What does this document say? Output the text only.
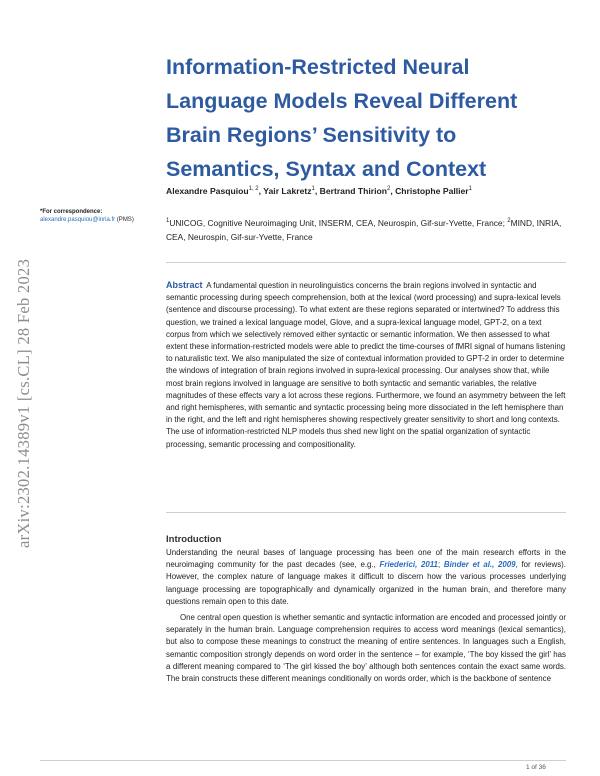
arXiv:2302.14389v1 [cs.CL] 28 Feb 2023
*For correspondence:
alexandre.pasquiou@inria.fr (PMS)
Information-Restricted Neural Language Models Reveal Different Brain Regions’ Sensitivity to Semantics, Syntax and Context
Alexandre Pasquiou$^{1, 2}$, Yair Lakretz$^1$, Bertrand Thirion$^2$, Christophe Pallier$^1$
$^1$UNICOG, Cognitive Neuroimaging Unit, INSERM, CEA, Neurospin, Gif-sur-Yvette, France; $^2$MIND, INRIA, CEA, Neurospin, Gif-sur-Yvette, France

Abstract A fundamental question in neurolinguistics concerns the brain regions involved in syntactic and semantic processing during speech comprehension, both at the lexical (word processing) and supra-lexical levels (sentence and discourse processing). To what extent are these regions separated or intertwined? To address this question, we trained a lexical language model, Glove, and a supra-lexical language model, GPT-2, on a text corpus from which we selectively removed either syntactic or semantic information. We then assessed to what extent these information-restricted models were able to predict the time-courses of fMRI signal of humans listening to naturalistic text. We also manipulated the size of contextual information provided to GPT-2 in order to determine the windows of integration of brain regions involved in supra-lexical processing. Our analyses show that, while most brain regions involved in language are sensitive to both syntactic and semantic variables, the relative magnitudes of these effects vary a lot across these regions. Furthermore, we found an asymmetry between the left and right hemispheres, with semantic and syntactic processing being more dissociated in the left hemisphere than in the right, and the left and right hemispheres showing respectively greater sensitivity to short and long contexts. The use of information-restricted NLP models thus shed new light on the spatial organization of syntactic processing, semantic processing and compositionality.

Introduction

Understanding the neural bases of language processing has been one of the main research efforts in the neuroimaging community for the past decades (see, e.g., Friederici, 2011; Binder et al., 2009, for reviews). However, the complex nature of language makes it difficult to discern how the various processes underlying language processing are topographically and dynamically organized in the human brain, and therefore many questions remain open to this date.

One central open question is whether semantic and syntactic information are encoded and processed jointly or separately in the human brain. Language comprehension requires to access word meanings (lexical semantics), but also to compose these meanings to construct the meaning of entire sentences. In languages such a English, semantic composition strongly depends on word order in the sentence – for example, ‘The boy kissed the girl’ has a different meaning compared to ‘The girl kissed the boy’ although both sentences contain the exact same words. The brain constructs these different meanings conditionally on words order, which is the backbone of sentence

1 of 36
